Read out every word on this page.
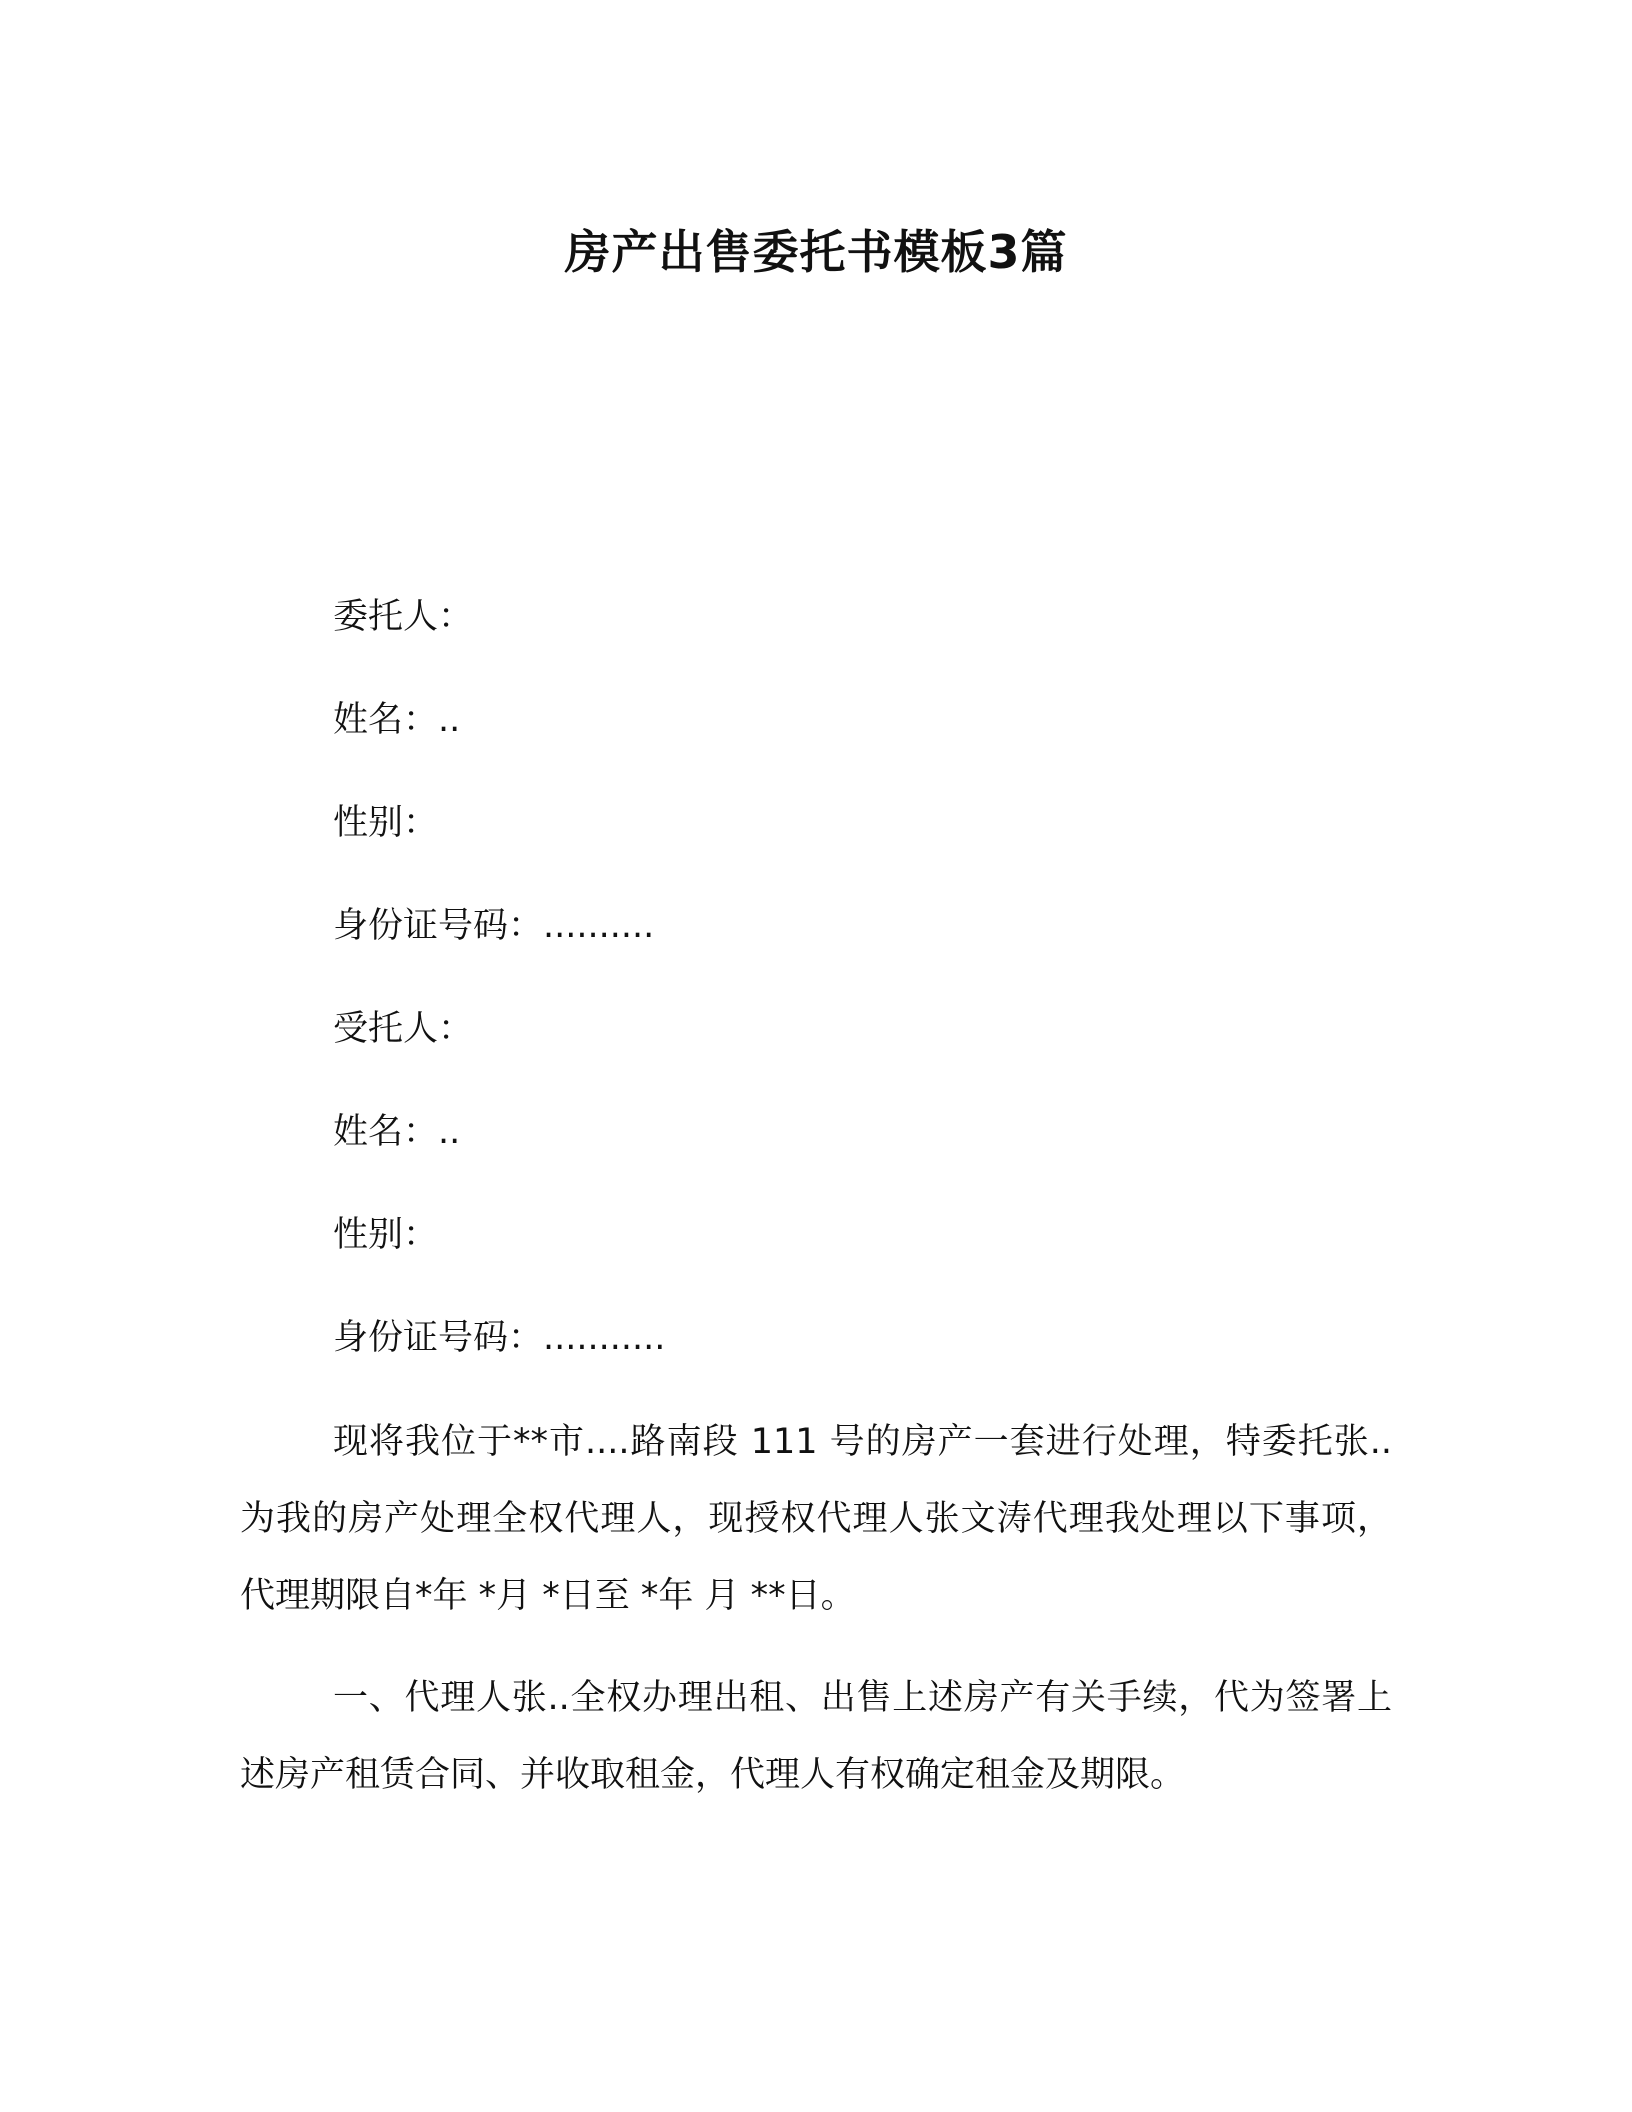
房产出售委托书模板3篇
委托人：
姓名：..
性别：
身份证号码：..........
受托人：
姓名：..
性别：
身份证号码：...........
现将我位于**市....路南段 111 号的房产一套进行处理，特委托张..为我的房产处理全权代理人，现授权代理人张文涛代理我处理以下事项，代理期限自*年 *月 *日至 *年 月 **日。
一、代理人张..全权办理出租、出售上述房产有关手续，代为签署上述房产租赁合同、并收取租金，代理人有权确定租金及期限。
